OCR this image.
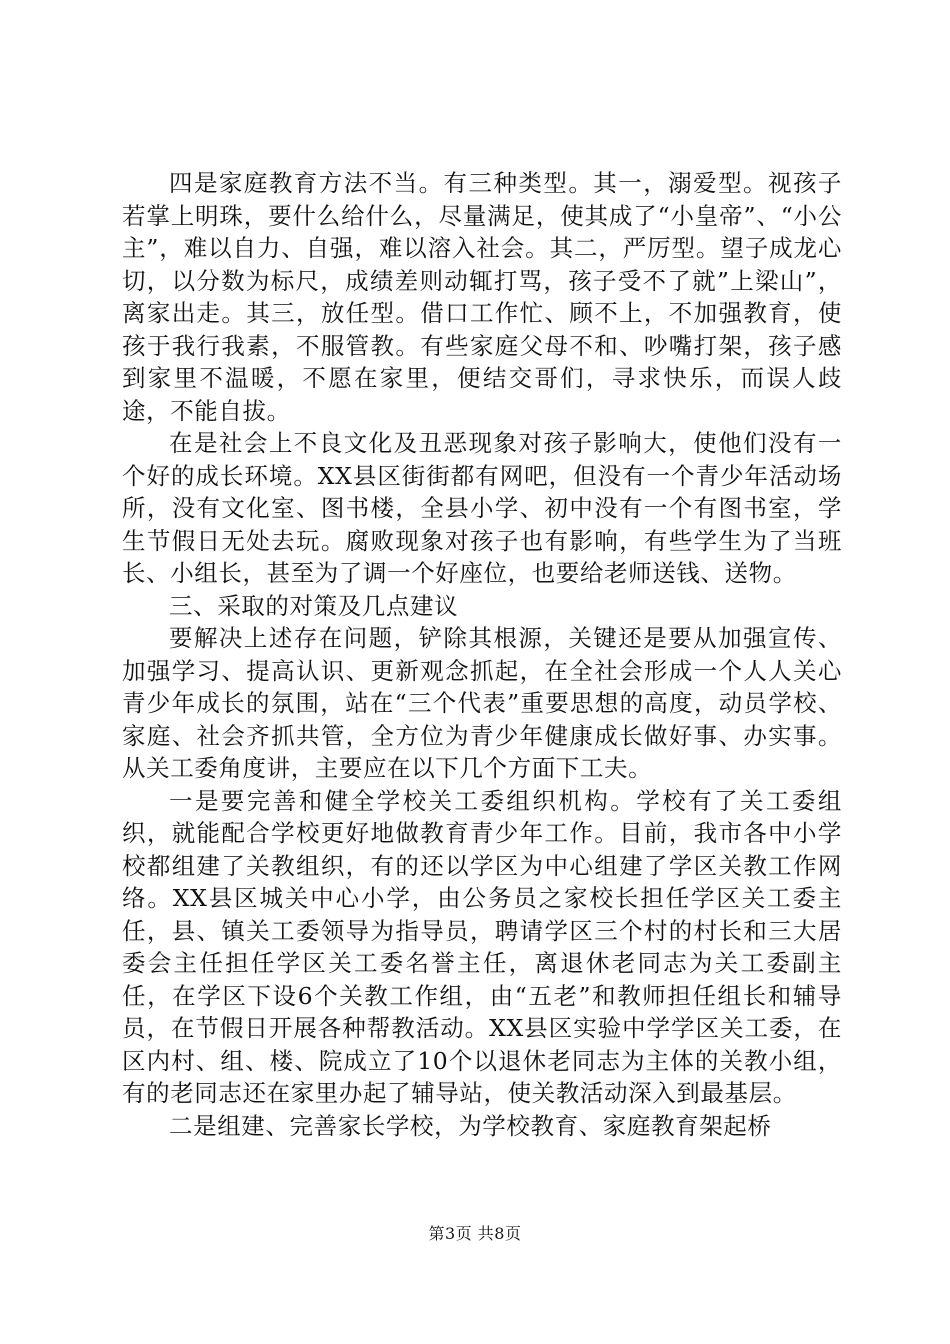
四是家庭教育方法不当。有三种类型。其一，溺爱型。视孩子若掌上明珠，要什么给什么，尽量满足，使其成了“小皇帝”、“小公主”，难以自力、自强，难以溶入社会。其二，严厉型。望子成龙心切，以分数为标尺，成绩差则动辄打骂，孩子受不了就”上梁山”，离家出走。其三，放任型。借口工作忙、顾不上，不加强教育，使孩于我行我素，不服管教。有些家庭父母不和、吵嘴打架，孩子感到家里不温暖，不愿在家里，便结交哥们，寻求快乐，而误人歧途，不能自拔。

在是社会上不良文化及丑恶现象对孩子影响大，使他们没有一个好的成长环境。XX县区街街都有网吧，但没有一个青少年活动场所，没有文化室、图书楼，全县小学、初中没有一个有图书室，学生节假日无处去玩。腐败现象对孩子也有影响，有些学生为了当班长、小组长，甚至为了调一个好座位，也要给老师送钱、送物。

三、采取的对策及几点建议

要解决上述存在问题，铲除其根源，关键还是要从加强宣传、加强学习、提高认识、更新观念抓起，在全社会形成一个人人关心青少年成长的氛围，站在“三个代表”重要思想的高度，动员学校、家庭、社会齐抓共管，全方位为青少年健康成长做好事、办实事。从关工委角度讲，主要应在以下几个方面下工夫。

一是要完善和健全学校关工委组织机构。学校有了关工委组织，就能配合学校更好地做教育青少年工作。目前，我市各中小学校都组建了关教组织，有的还以学区为中心组建了学区关教工作网络。XX县区城关中心小学，由公务员之家校长担任学区关工委主任，县、镇关工委领导为指导员，聘请学区三个村的村长和三大居委会主任担任学区关工委名誉主任，离退休老同志为关工委副主任，在学区下设6个关教工作组，由“五老”和教师担任组长和辅导员，在节假日开展各种帮教活动。XX县区实验中学学区关工委，在区内村、组、楼、院成立了10个以退休老同志为主体的关教小组，有的老同志还在家里办起了辅导站，使关教活动深入到最基层。

二是组建、完善家长学校，为学校教育、家庭教育架起桥

第3页 共8页
